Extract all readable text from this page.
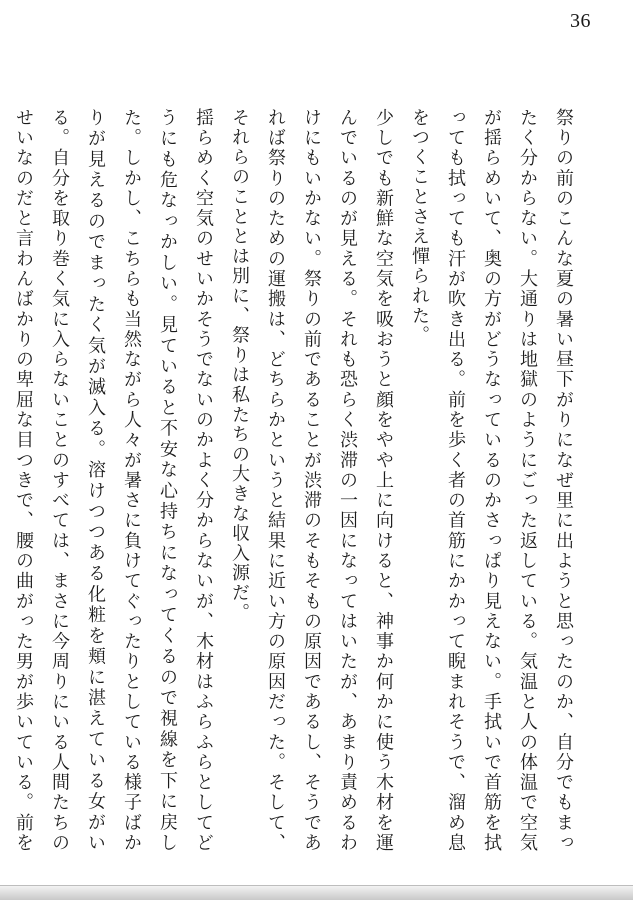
36

祭りの前のこんな夏の暑い昼下がりになぜ里に出ようと思ったのか、自分でもまったく分からない。大通りは地獄のようにごった返している。気温と人の体温で空気が揺らめいて、奥の方がどうなっているのかさっぱり見えない。手拭いで首筋を拭っても拭っても汗が吹き出る。前を歩く者の首筋にかかって睨まれそうで、溜め息をつくことさえ憚られた。

少しでも新鮮な空気を吸おうと顔をやや上に向けると、神事か何かに使う木材を運んでいるのが見える。それも恐らく渋滞の一因になってはいたが、あまり責めるわけにもいかない。祭りの前であることが渋滞のそもそもの原因であるし、そうであれば祭りのための運搬は、どちらかというと結果に近い方の原因だった。そして、それらのこととは別に、祭りは私たちの大きな収入源だ。

揺らめく空気のせいかそうでないのかよく分からないが、木材はふらふらとしてどうにも危なっかしい。見ていると不安な心持ちになってくるので視線を下に戻した。しかし、こちらも当然ながら人々が暑さに負けてぐったりとしている様子ばかりが見えるのでまったく気が滅入る。溶けつつある化粧を頬に湛えている女がいる。自分を取り巻く気に入らないことのすべては、まさに今周りにいる人間たちのせいなのだと言わんばかりの卑屈な目つきで、腰の曲がった男が歩いている。前を
